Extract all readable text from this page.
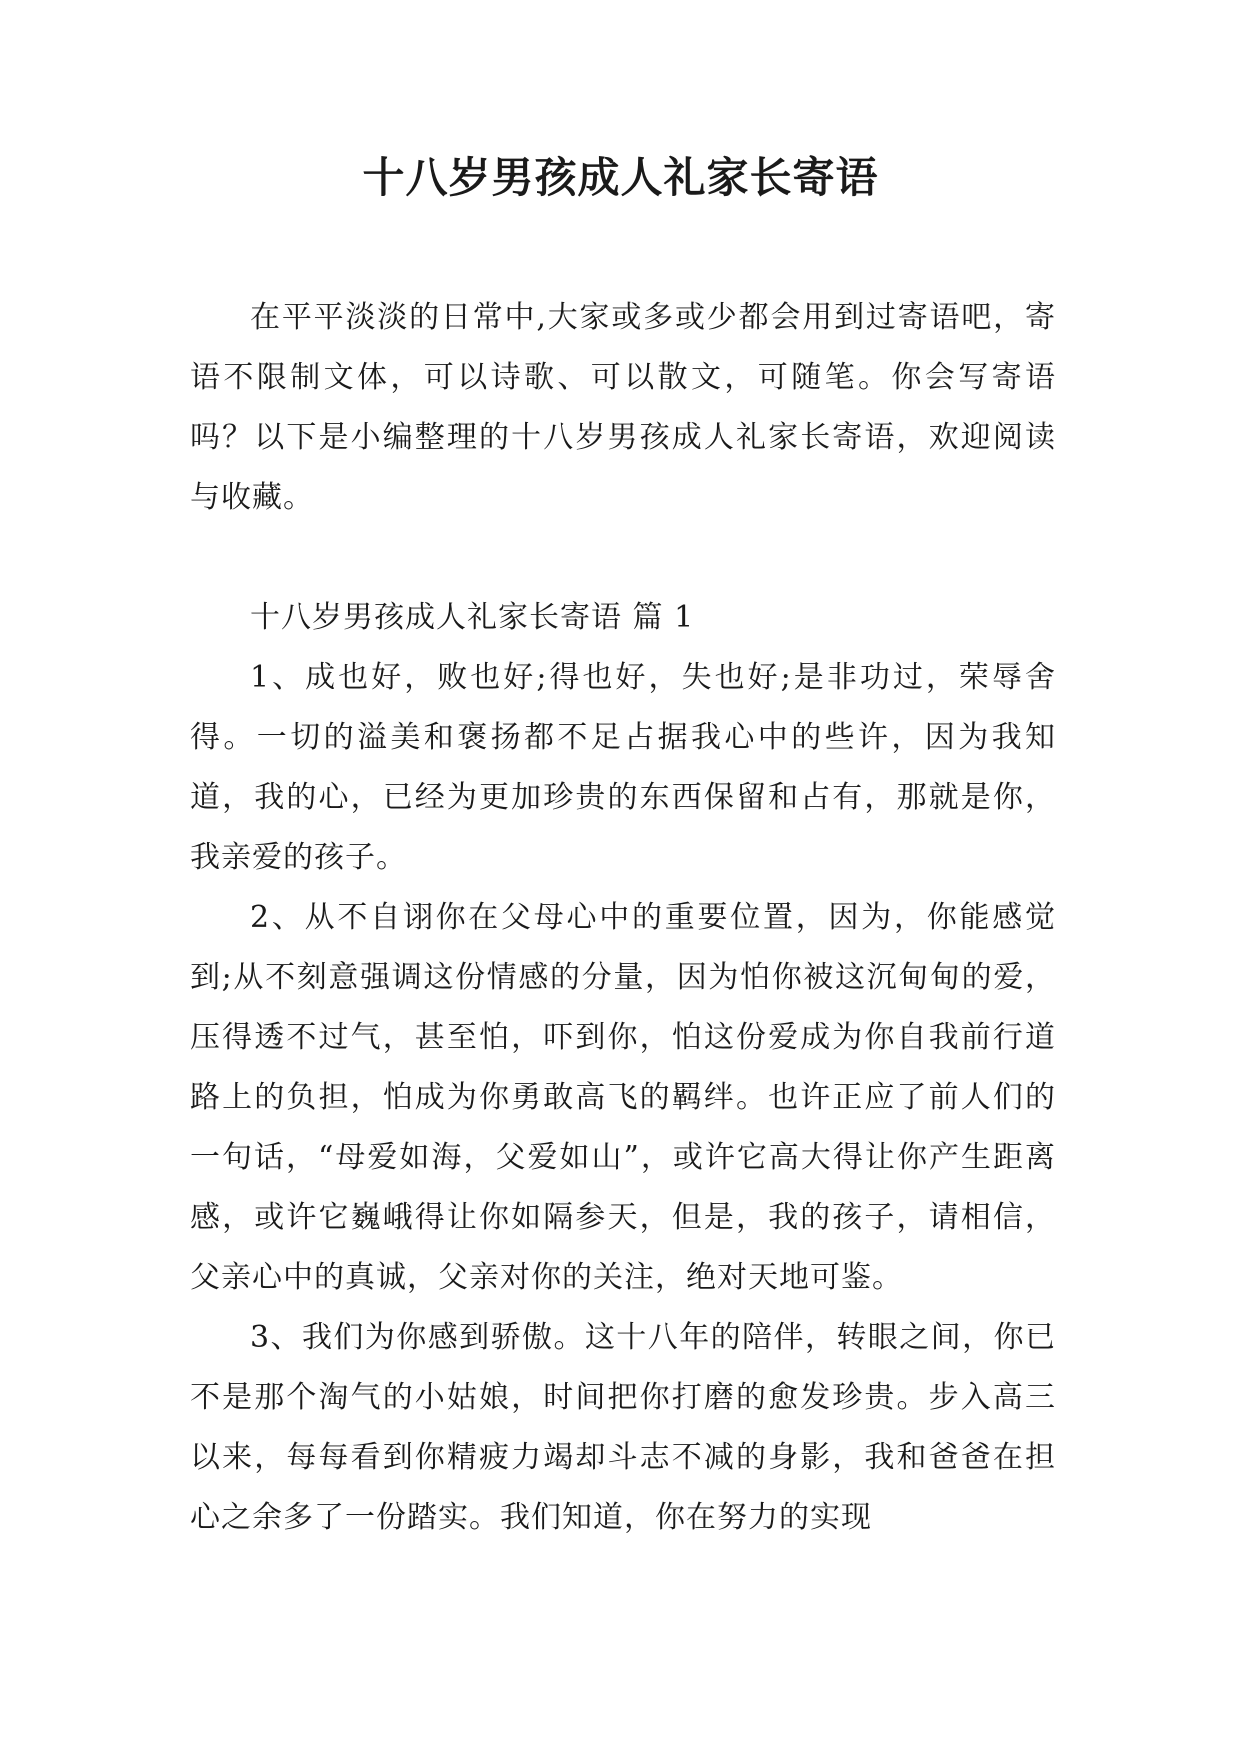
十八岁男孩成人礼家长寄语

在平平淡淡的日常中,大家或多或少都会用到过寄语吧，寄语不限制文体，可以诗歌、可以散文，可随笔。你会写寄语吗？以下是小编整理的十八岁男孩成人礼家长寄语，欢迎阅读与收藏。

十八岁男孩成人礼家长寄语 篇 1

1、成也好，败也好;得也好，失也好;是非功过，荣辱舍得。一切的溢美和褒扬都不足占据我心中的些许，因为我知道，我的心，已经为更加珍贵的东西保留和占有，那就是你，我亲爱的孩子。

2、从不自诩你在父母心中的重要位置，因为，你能感觉到;从不刻意强调这份情感的分量，因为怕你被这沉甸甸的爱，压得透不过气，甚至怕，吓到你，怕这份爱成为你自我前行道路上的负担，怕成为你勇敢高飞的羁绊。也许正应了前人们的一句话，“母爱如海，父爱如山”，或许它高大得让你产生距离感，或许它巍峨得让你如隔参天，但是，我的孩子，请相信，父亲心中的真诚，父亲对你的关注，绝对天地可鉴。

3、我们为你感到骄傲。这十八年的陪伴，转眼之间，你已不是那个淘气的小姑娘，时间把你打磨的愈发珍贵。步入高三以来，每每看到你精疲力竭却斗志不减的身影，我和爸爸在担心之余多了一份踏实。我们知道，你在努力的实现
